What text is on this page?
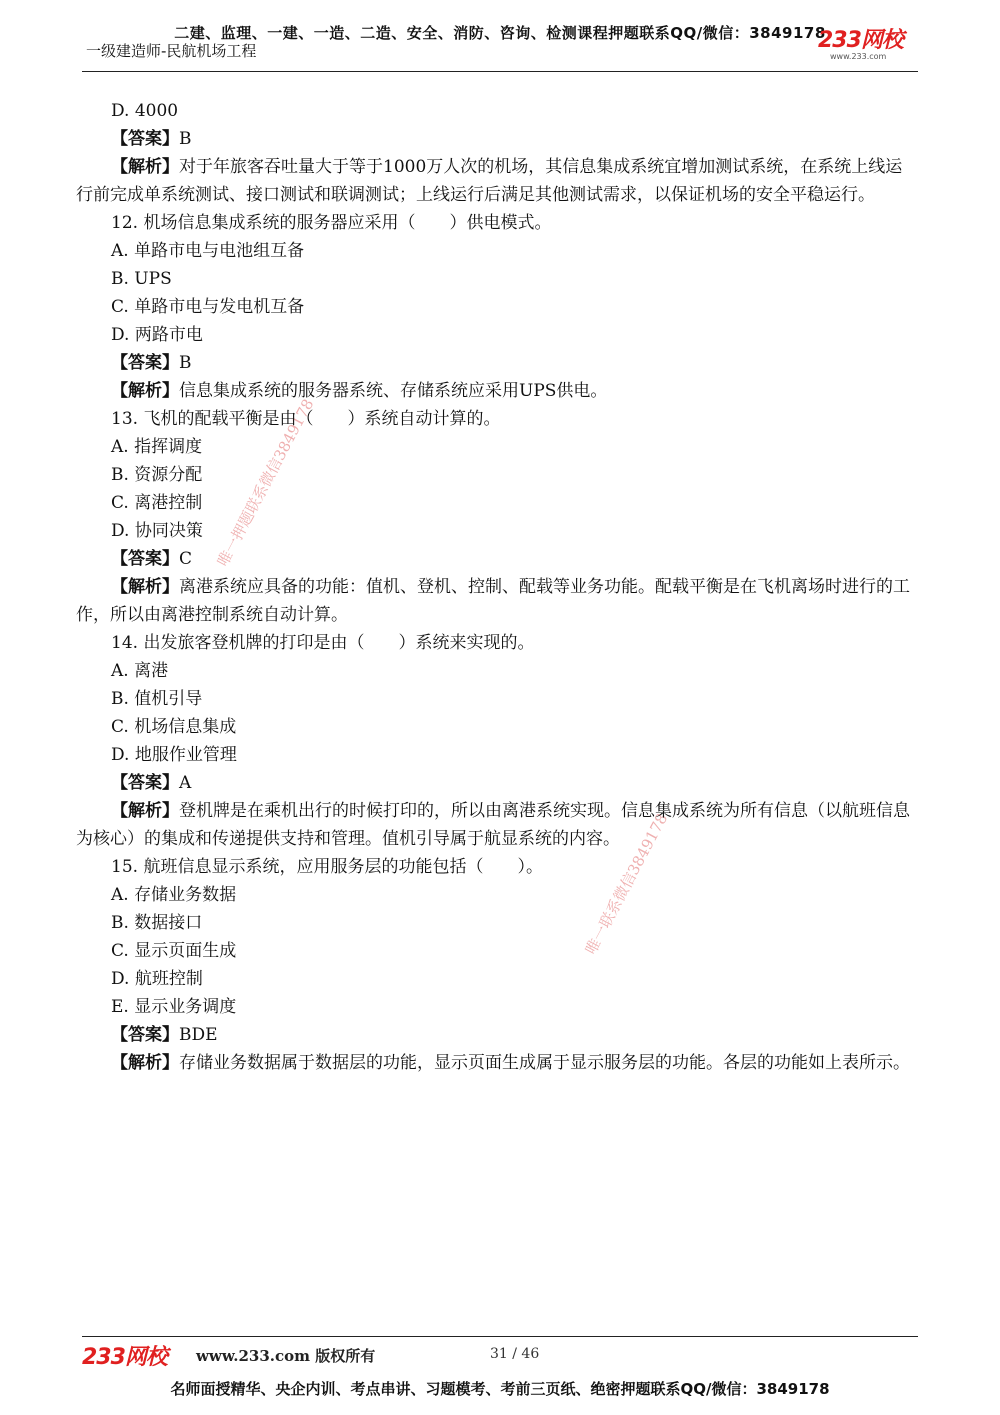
二建、监理、一建、一造、二造、安全、消防、咨询、检测课程押题联系QQ/微信：3849178
一级建造师-民航机场工程	233网校
www.233.com
唯一押题联系微信3849178
唯一联系微信3849178
D. 4000
【答案】B
【解析】对于年旅客吞吐量大于等于1000万人次的机场，其信息集成系统宜增加测试系统，在系统上线运行前完成单系统测试、接口测试和联调测试；上线运行后满足其他测试需求，以保证机场的安全平稳运行。
12. 机场信息集成系统的服务器应采用（　　）供电模式。
A. 单路市电与电池组互备
B. UPS
C. 单路市电与发电机互备
D. 两路市电
【答案】B
【解析】信息集成系统的服务器系统、存储系统应采用UPS供电。
13. 飞机的配载平衡是由（　　）系统自动计算的。
A. 指挥调度
B. 资源分配
C. 离港控制
D. 协同决策
【答案】C
【解析】离港系统应具备的功能：值机、登机、控制、配载等业务功能。配载平衡是在飞机离场时进行的工作，所以由离港控制系统自动计算。
14. 出发旅客登机牌的打印是由（　　）系统来实现的。
A. 离港
B. 值机引导
C. 机场信息集成
D. 地服作业管理
【答案】A
【解析】登机牌是在乘机出行的时候打印的，所以由离港系统实现。信息集成系统为所有信息（以航班信息为核心）的集成和传递提供支持和管理。值机引导属于航显系统的内容。
15. 航班信息显示系统，应用服务层的功能包括（　　）。
A. 存储业务数据
B. 数据接口
C. 显示页面生成
D. 航班控制
E. 显示业务调度
【答案】BDE
【解析】存储业务数据属于数据层的功能，显示页面生成属于显示服务层的功能。各层的功能如上表所示。
233网校 www.233.com 版权所有	31 / 46
名师面授精华、央企内训、考点串讲、习题模考、考前三页纸、绝密押题联系QQ/微信：3849178
